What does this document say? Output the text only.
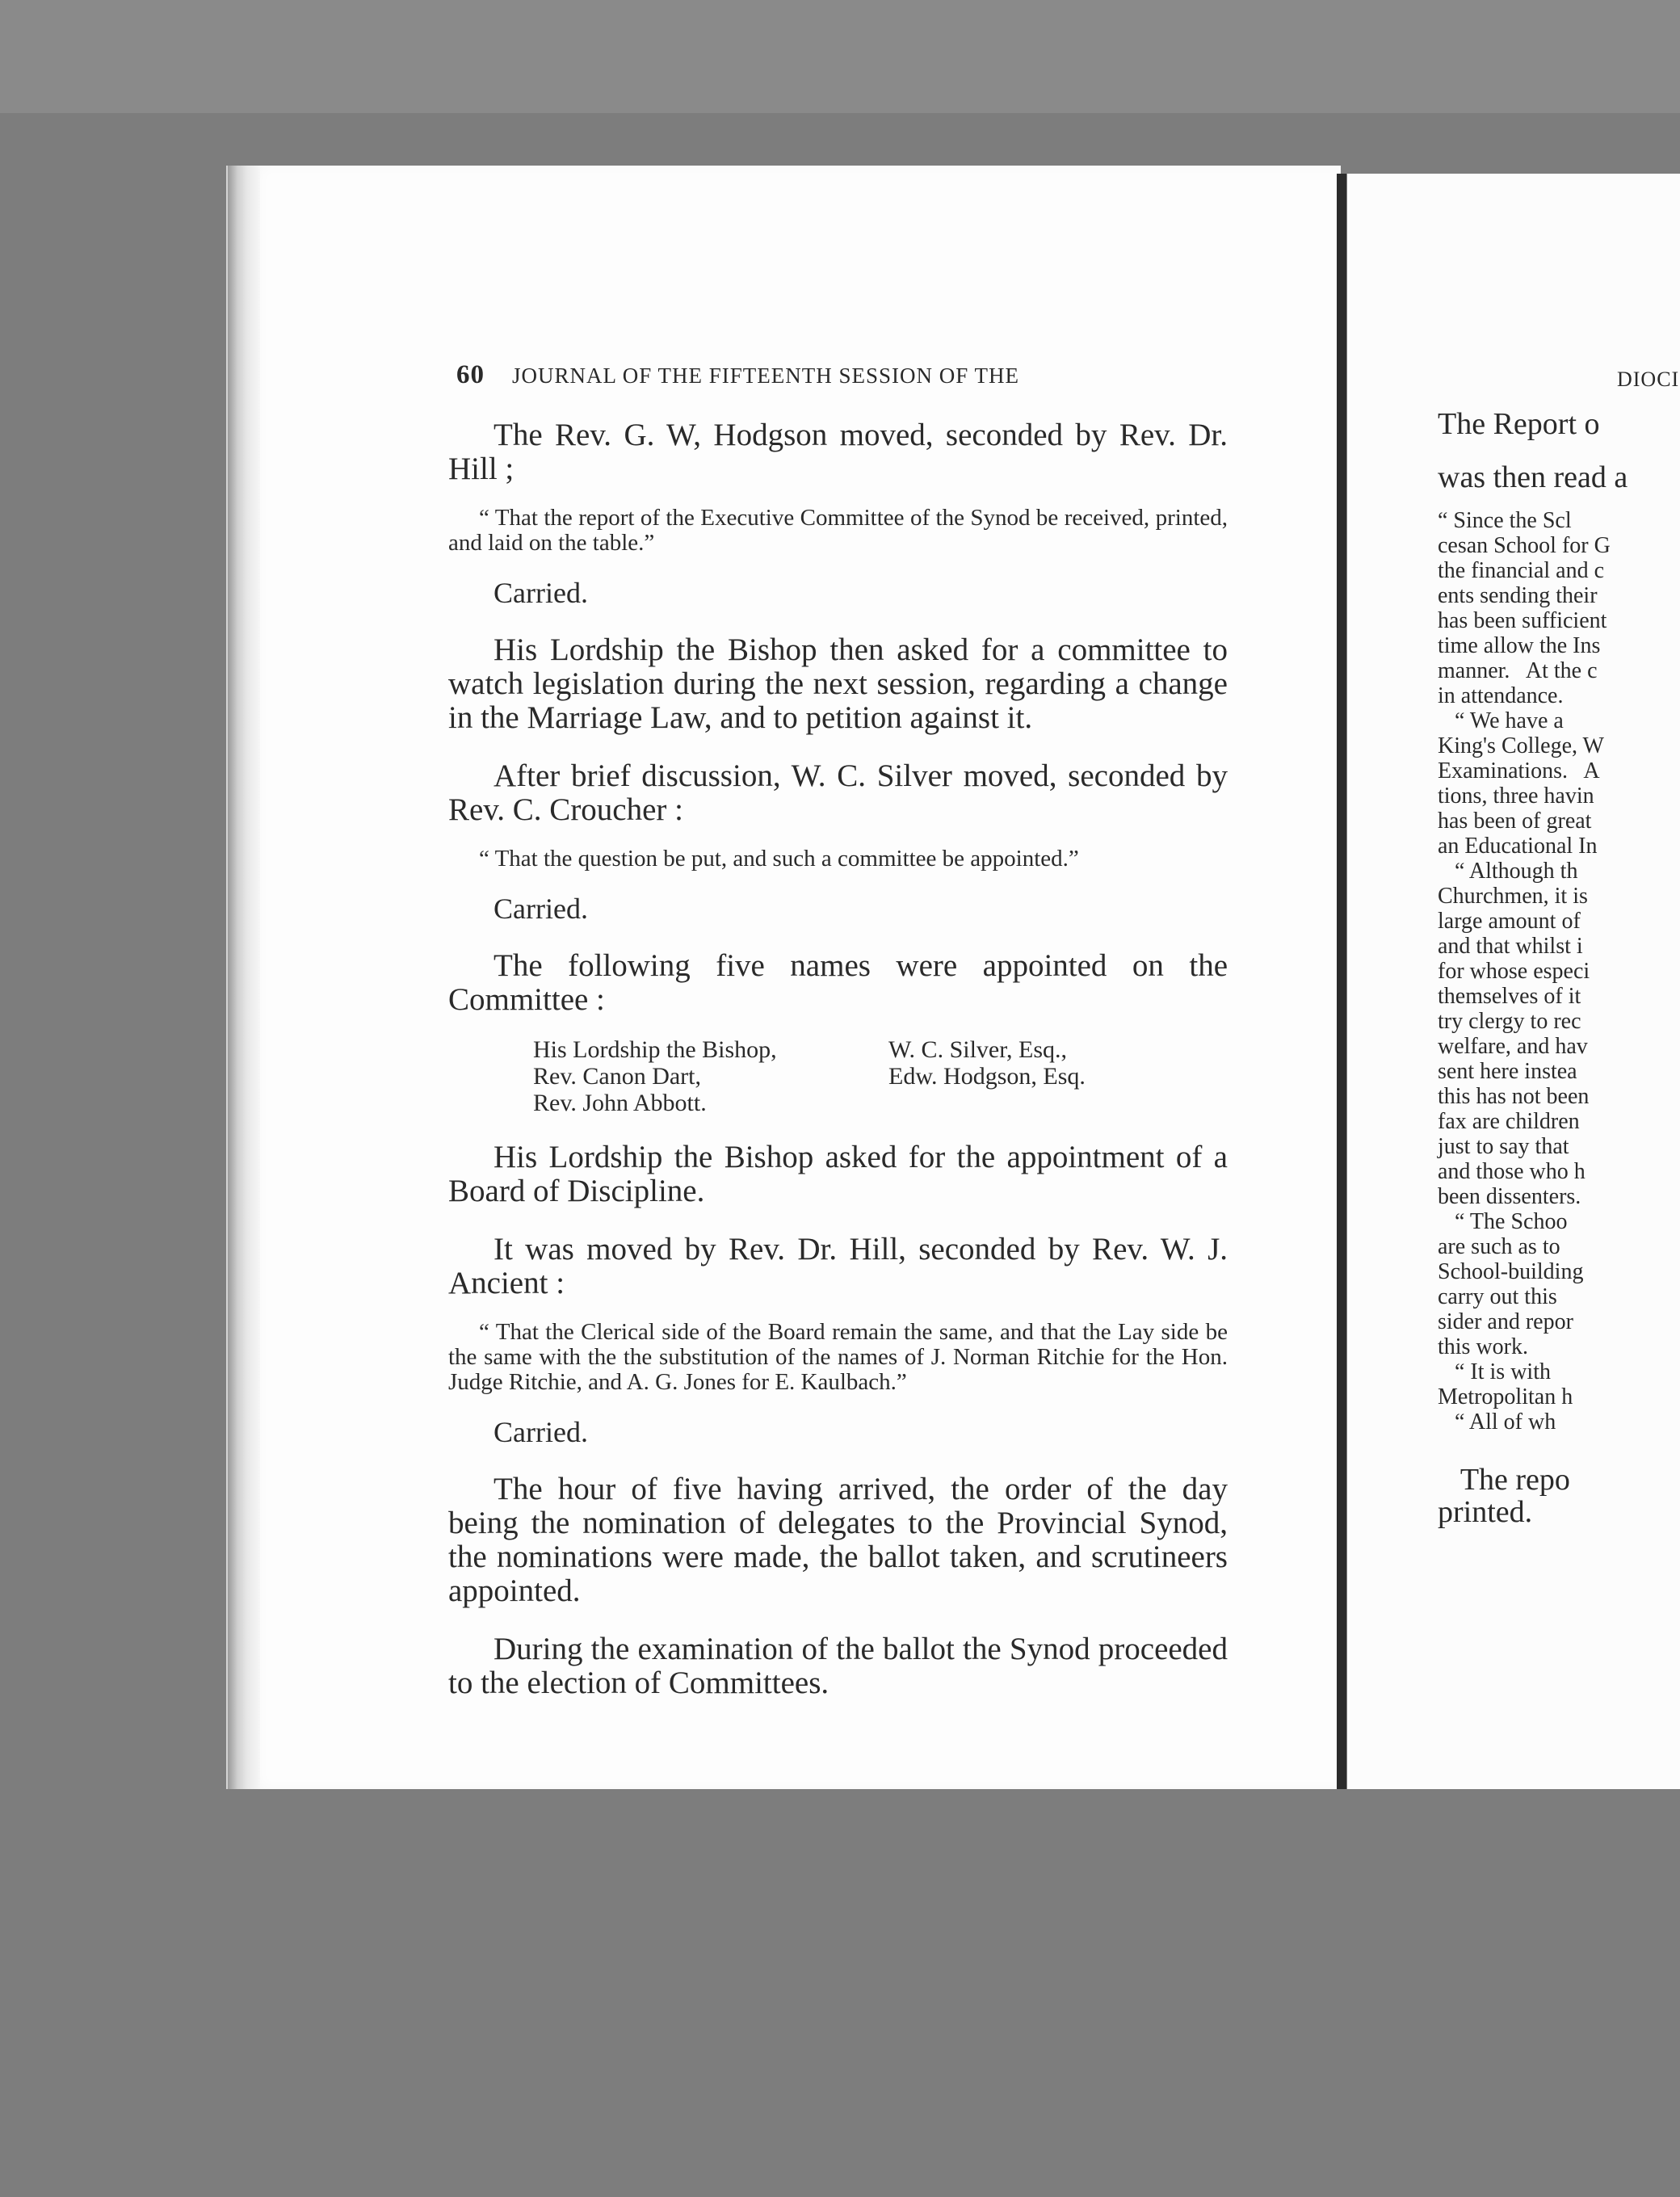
60 JOURNAL OF THE FIFTEENTH SESSION OF THE

The Rev. G. W, Hodgson moved, seconded by Rev. Dr. Hill ;

“ That the report of the Executive Committee of the Synod be received, printed, and laid on the table.”

Carried.

His Lordship the Bishop then asked for a committee to watch legislation during the next session, regarding a change in the Marriage Law, and to petition against it.

After brief discussion, W. C. Silver moved, seconded by Rev. C. Croucher :

“ That the question be put, and such a committee be appointed.”

Carried.

The following five names were appointed on the Committee :

His Lordship the Bishop,	W. C. Silver, Esq.,
Rev. Canon Dart,	Edw. Hodgson, Esq.
Rev. John Abbott.

His Lordship the Bishop asked for the appointment of a Board of Discipline.

It was moved by Rev. Dr. Hill, seconded by Rev. W. J. Ancient :

“ That the Clerical side of the Board remain the same, and that the Lay side be the same with the the substitution of the names of J. Norman Ritchie for the Hon. Judge Ritchie, and A. G. Jones for E. Kaulbach.”

Carried.

The hour of five having arrived, the order of the day being the nomination of delegates to the Provincial Synod, the nominations were made, the ballot taken, and scrutineers appointed.

During the examination of the ballot the Synod proceeded to the election of Committees.

DIOCI
The Report o
was then read a
“ Since the Scl
cesan School for G
the financial and c
ents sending their
has been sufficient
time allow the Ins
manner.   At the c
in attendance.
“ We have a
King's College, W
Examinations.   A
tions, three havin
has been of great
an Educational In
“ Although th
Churchmen, it is
large amount of
and that whilst i
for whose especi
themselves of it
try clergy to rec
welfare, and hav
sent here instea
this has not been
fax are children
just to say that
and those who h
been dissenters.
“ The Schoo
are such as to
School-building
carry out this
sider and repor
this work.
“ It is with
Metropolitan h
“ All of wh
The repo
printed.
